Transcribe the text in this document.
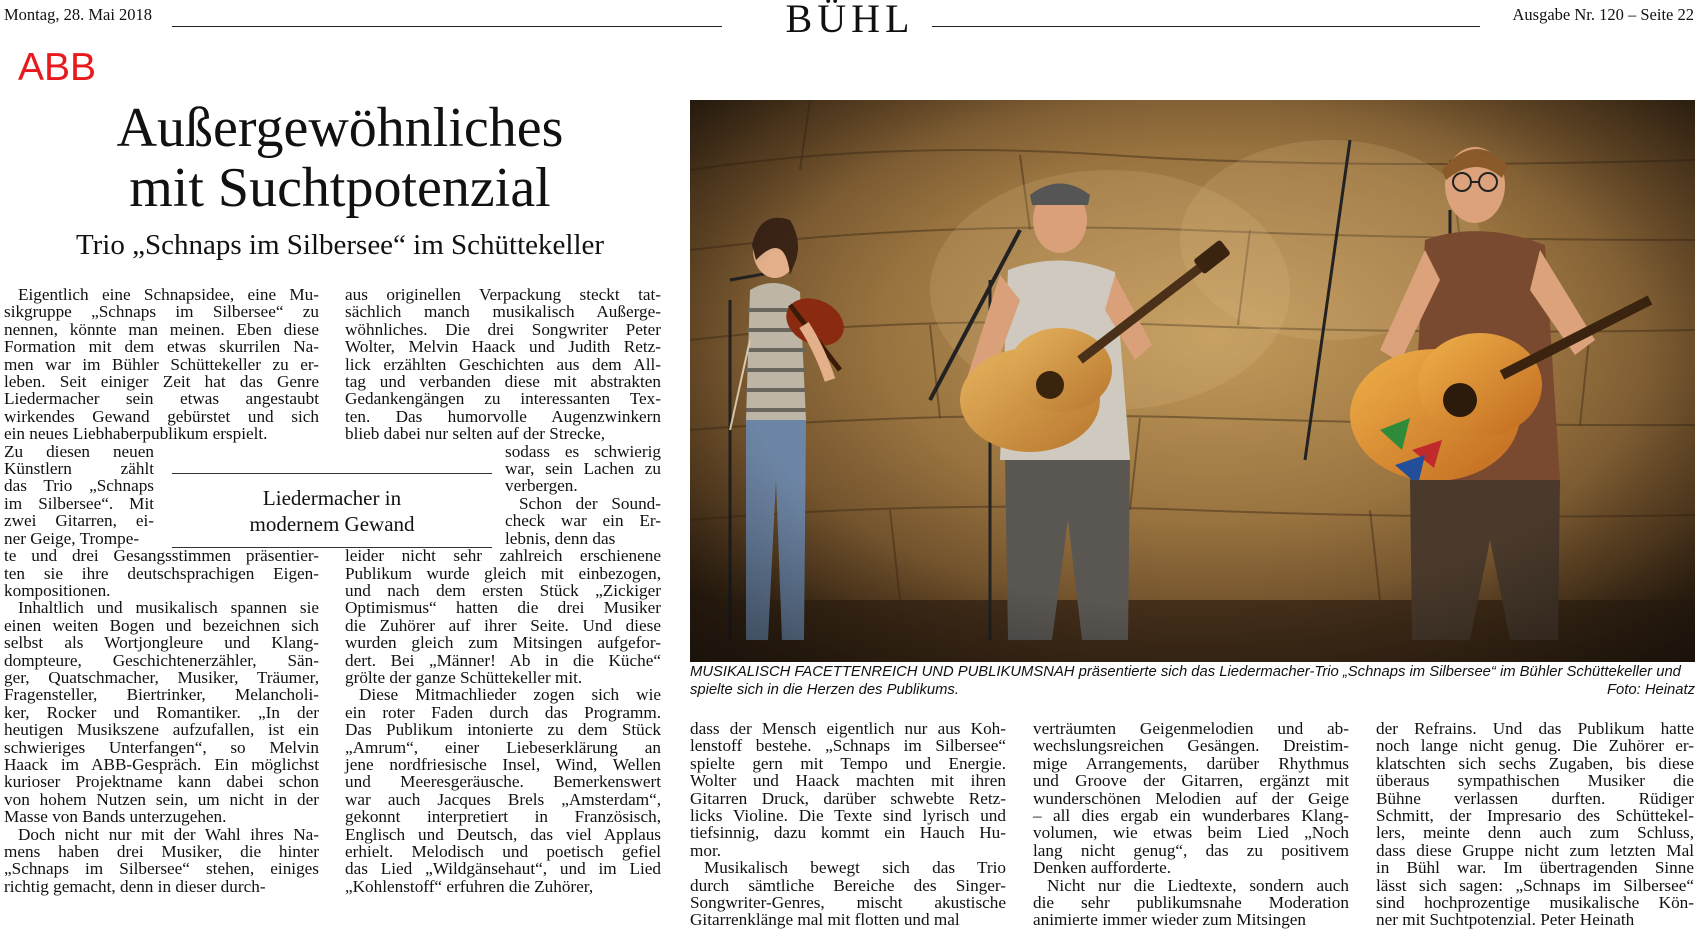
Montag, 28. Mai 2018	BÜHL	Ausgabe Nr. 120 – Seite 22
ABB
Außergewöhnliches
mit Suchtpotenzial
Trio „Schnaps im Silbersee“ im Schüttekeller

Eigentlich eine Schnapsidee, eine Mu-
sikgruppe „Schnaps im Silbersee“ zu
nennen, könnte man meinen. Eben diese
Formation mit dem etwas skurrilen Na-
men war im Bühler Schüttekeller zu er-
leben. Seit einiger Zeit hat das Genre
Liedermacher sein etwas angestaubt
wirkendes Gewand gebürstet und sich
ein neues Liebhaberpublikum erspielt.

Zu diesen neuen
Künstlern zählt
das Trio „Schnaps
im Silbersee“. Mit
zwei Gitarren, ei-
ner Geige, Trompe-

te und drei Gesangsstimmen präsentier-
ten sie ihre deutschsprachigen Eigen-
kompositionen.

Inhaltlich und musikalisch spannen sie
einen weiten Bogen und bezeichnen sich
selbst als Wortjongleure und Klang-
dompteure, Geschichtenerzähler, Sän-
ger, Quatschmacher, Musiker, Träumer,
Fragensteller, Biertrinker, Melancholi-
ker, Rocker und Romantiker. „In der
heutigen Musikszene aufzufallen, ist ein
schwieriges Unterfangen“, so Melvin
Haack im ABB-Gespräch. Ein möglichst
kurioser Projektname kann dabei schon
von hohem Nutzen sein, um nicht in der
Masse von Bands unterzugehen.

Doch nicht nur mit der Wahl ihres Na-
mens haben drei Musiker, die hinter
„Schnaps im Silbersee“ stehen, einiges
richtig gemacht, denn in dieser durch-

aus originellen Verpackung steckt tat-
sächlich manch musikalisch Außerge-
wöhnliches. Die drei Songwriter Peter
Wolter, Melvin Haack und Judith Retz-
lick erzählten Geschichten aus dem All-
tag und verbanden diese mit abstrakten
Gedankengängen zu interessanten Tex-
ten. Das humorvolle Augenzwinkern
blieb dabei nur selten auf der Strecke,

sodass es schwierig
war, sein Lachen zu
verbergen.

Schon der Sound-
check war ein Er-
lebnis, denn das

leider nicht sehr zahlreich erschienene
Publikum wurde gleich mit einbezogen,
und nach dem ersten Stück „Zickiger
Optimismus“ hatten die drei Musiker
die Zuhörer auf ihrer Seite. Und diese
wurden gleich zum Mitsingen aufgefor-
dert. Bei „Männer! Ab in die Küche“
grölte der ganze Schüttekeller mit.

Diese Mitmachlieder zogen sich wie
ein roter Faden durch das Programm.
Das Publikum intonierte zu dem Stück
„Amrum“, einer Liebeserklärung an
jene nordfriesische Insel, Wind, Wellen
und Meeresgeräusche. Bemerkenswert
war auch Jacques Brels „Amsterdam“,
gekonnt interpretiert in Französisch,
Englisch und Deutsch, das viel Applaus
erhielt. Melodisch und poetisch gefiel
das Lied „Wildgänsehaut“, und im Lied
„Kohlenstoff“ erfuhren die Zuhörer,

dass der Mensch eigentlich nur aus Koh-
lenstoff bestehe. „Schnaps im Silbersee“
spielte gern mit Tempo und Energie.
Wolter und Haack machten mit ihren
Gitarren Druck, darüber schwebte Retz-
licks Violine. Die Texte sind lyrisch und
tiefsinnig, dazu kommt ein Hauch Hu-
mor.

Musikalisch bewegt sich das Trio
durch sämtliche Bereiche des Singer-
Songwriter-Genres, mischt akustische
Gitarrenklänge mal mit flotten und mal

verträumten Geigenmelodien und ab-
wechslungsreichen Gesängen. Dreistim-
mige Arrangements, darüber Rhythmus
und Groove der Gitarren, ergänzt mit
wunderschönen Melodien auf der Geige
– all dies ergab ein wunderbares Klang-
volumen, wie etwas beim Lied „Noch
lang nicht genug“, das zu positivem
Denken aufforderte.

Nicht nur die Liedtexte, sondern auch
die sehr publikumsnahe Moderation
animierte immer wieder zum Mitsingen

der Refrains. Und das Publikum hatte
noch lange nicht genug. Die Zuhörer er-
klatschten sich sechs Zugaben, bis diese
überaus sympathischen Musiker die
Bühne verlassen durften. Rüdiger
Schmitt, der Impresario des Schüttekel-
lers, meinte denn auch zum Schluss,
dass diese Gruppe nicht zum letzten Mal
in Bühl war. Im übertragenden Sinne
lässt sich sagen: „Schnaps im Silbersee“
sind hochprozentige musikalische Kön-
ner mit Suchtpotenzial. Peter Heinath

Liedermacher in
modernem Gewand
MUSIKALISCH FACETTENREICH UND PUBLIKUMSNAH präsentierte sich das Liedermacher-Trio „Schnaps im Silbersee“ im Bühler Schüttekeller und spielte sich in die Herzen des Publikums.	Foto: Heinatz
